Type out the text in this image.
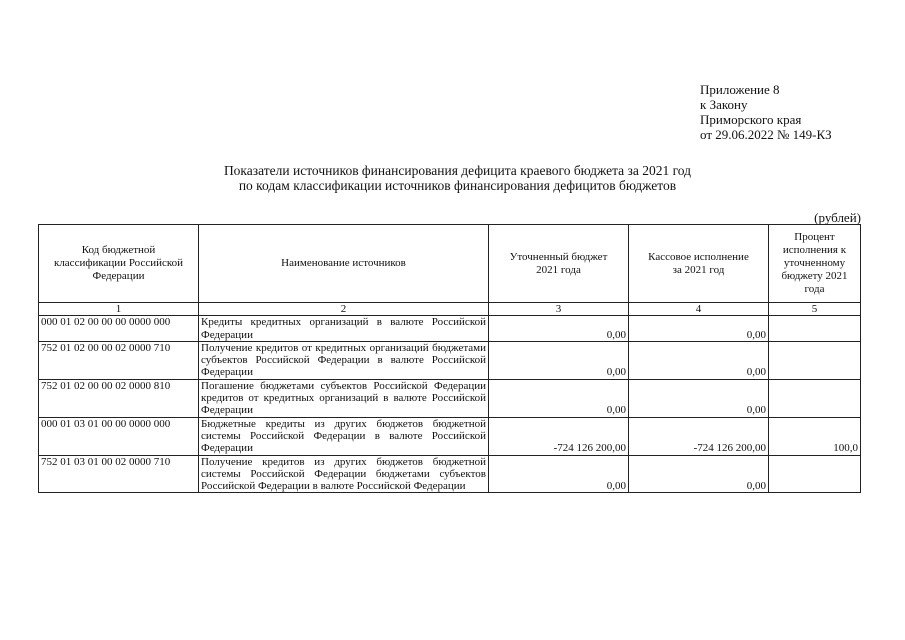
Приложение 8
к Закону
Приморского края
от 29.06.2022 № 149-КЗ
Показатели источников финансирования дефицита краевого бюджета за 2021 год
по кодам классификации источников финансирования дефицитов бюджетов
(рублей)
Код бюджетной классификации Российской Федерации	Наименование источников	Уточненный бюджет 2021 года	Кассовое исполнение за 2021 год	Процент исполнения к уточненному бюджету 2021 года
1	2	3	4	5
000 01 02 00 00 00 0000 000	Кредиты кредитных организаций в валюте Российской Федерации	0,00	0,00	
752 01 02 00 00 02 0000 710	Получение кредитов от кредитных организаций бюджетами субъектов Российской Федерации в валюте Российской Федерации	0,00	0,00	
752 01 02 00 00 02 0000 810	Погашение бюджетами субъектов Российской Федерации кредитов от кредитных организаций в валюте Российской Федерации	0,00	0,00	
000 01 03 01 00 00 0000 000	Бюджетные кредиты из других бюджетов бюджетной системы Российской Федерации в валюте Российской Федерации	-724 126 200,00	-724 126 200,00	100,0
752 01 03 01 00 02 0000 710	Получение кредитов из других бюджетов бюджетной системы Российской Федерации бюджетами субъектов Российской Федерации в валюте Российской Федерации	0,00	0,00	
